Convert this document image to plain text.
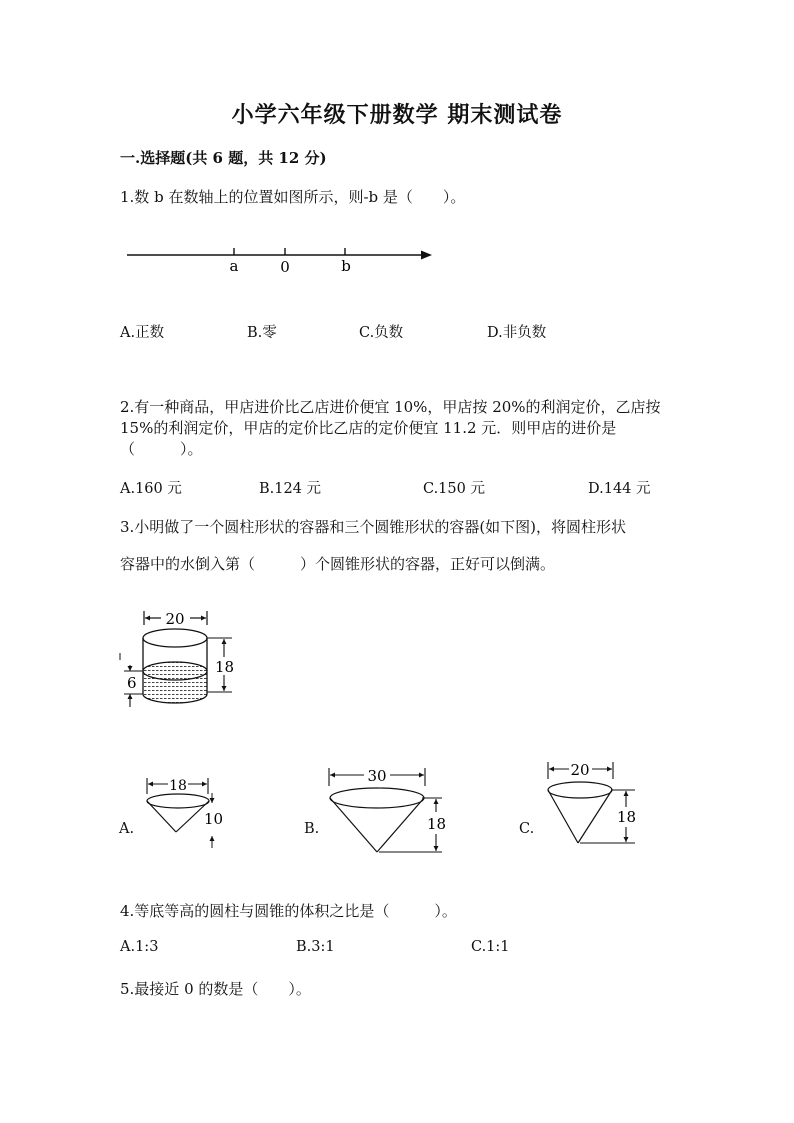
小学六年级下册数学 期末测试卷
一.选择题(共 6 题，共 12 分)
1.数 b 在数轴上的位置如图所示，则-b 是（　　）。
a	0	b
A.正数	B.零	C.负数	D.非负数
2.有一种商品，甲店进价比乙店进价便宜 10%，甲店按 20%的利润定价，乙店按
15%的利润定价，甲店的定价比乙店的定价便宜 11.2 元．则甲店的进价是
（　　　）。
A.160 元	B.124 元	C.150 元	D.144 元
3.小明做了一个圆柱形状的容器和三个圆锥形状的容器(如下图)，将圆柱形状
容器中的水倒入第（　　　）个圆锥形状的容器，正好可以倒满。
20
18
6
A.
18
10
B.
30
18	C.
20
18
4.等底等高的圆柱与圆锥的体积之比是（　　　）。
A.1:3	B.3:1	C.1:1
5.最接近 0 的数是（　　）。
